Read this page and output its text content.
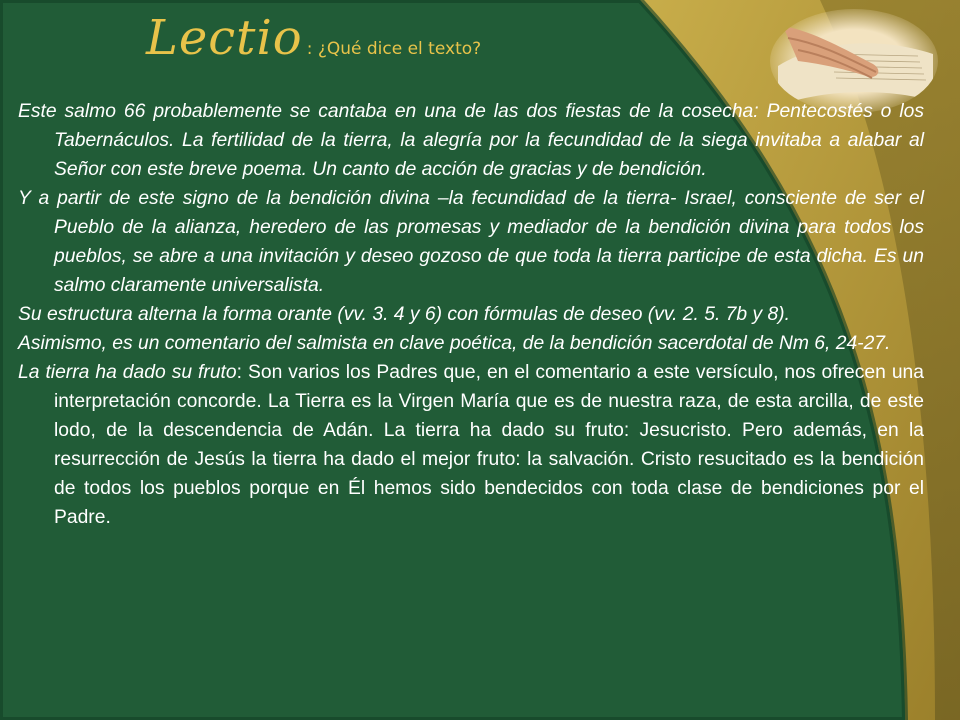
Lectio : ¿Qué dice el texto?

Este salmo 66 probablemente se cantaba en una de las dos fiestas de la cosecha: Pentecostés o los Tabernáculos. La fertilidad de la tierra, la alegría por la fecundidad de la siega invitaba a alabar al Señor con este breve poema. Un canto de acción de gracias y de bendición.

Y a partir de este signo de la bendición divina –la fecundidad de la tierra- Israel, consciente de ser el Pueblo de la alianza, heredero de las promesas y mediador de la bendición divina para todos los pueblos, se abre a una invitación y deseo gozoso de que toda la tierra participe de esta dicha. Es un salmo claramente universalista.

Su estructura alterna la forma orante (vv. 3. 4 y 6) con fórmulas de deseo (vv. 2. 5. 7b y 8).

Asimismo, es un comentario del salmista en clave poética, de la bendición sacerdotal de Nm 6, 24-27.

La tierra ha dado su fruto: Son varios los Padres que, en el comentario a este versículo, nos ofrecen una interpretación concorde. La Tierra es la Virgen María que es de nuestra raza, de esta arcilla, de este lodo, de la descendencia de Adán. La tierra ha dado su fruto: Jesucristo. Pero además, en la resurrección de Jesús la tierra ha dado el mejor fruto: la salvación. Cristo resucitado es la bendición de todos los pueblos porque en Él hemos sido bendecidos con toda clase de bendiciones por el Padre.
